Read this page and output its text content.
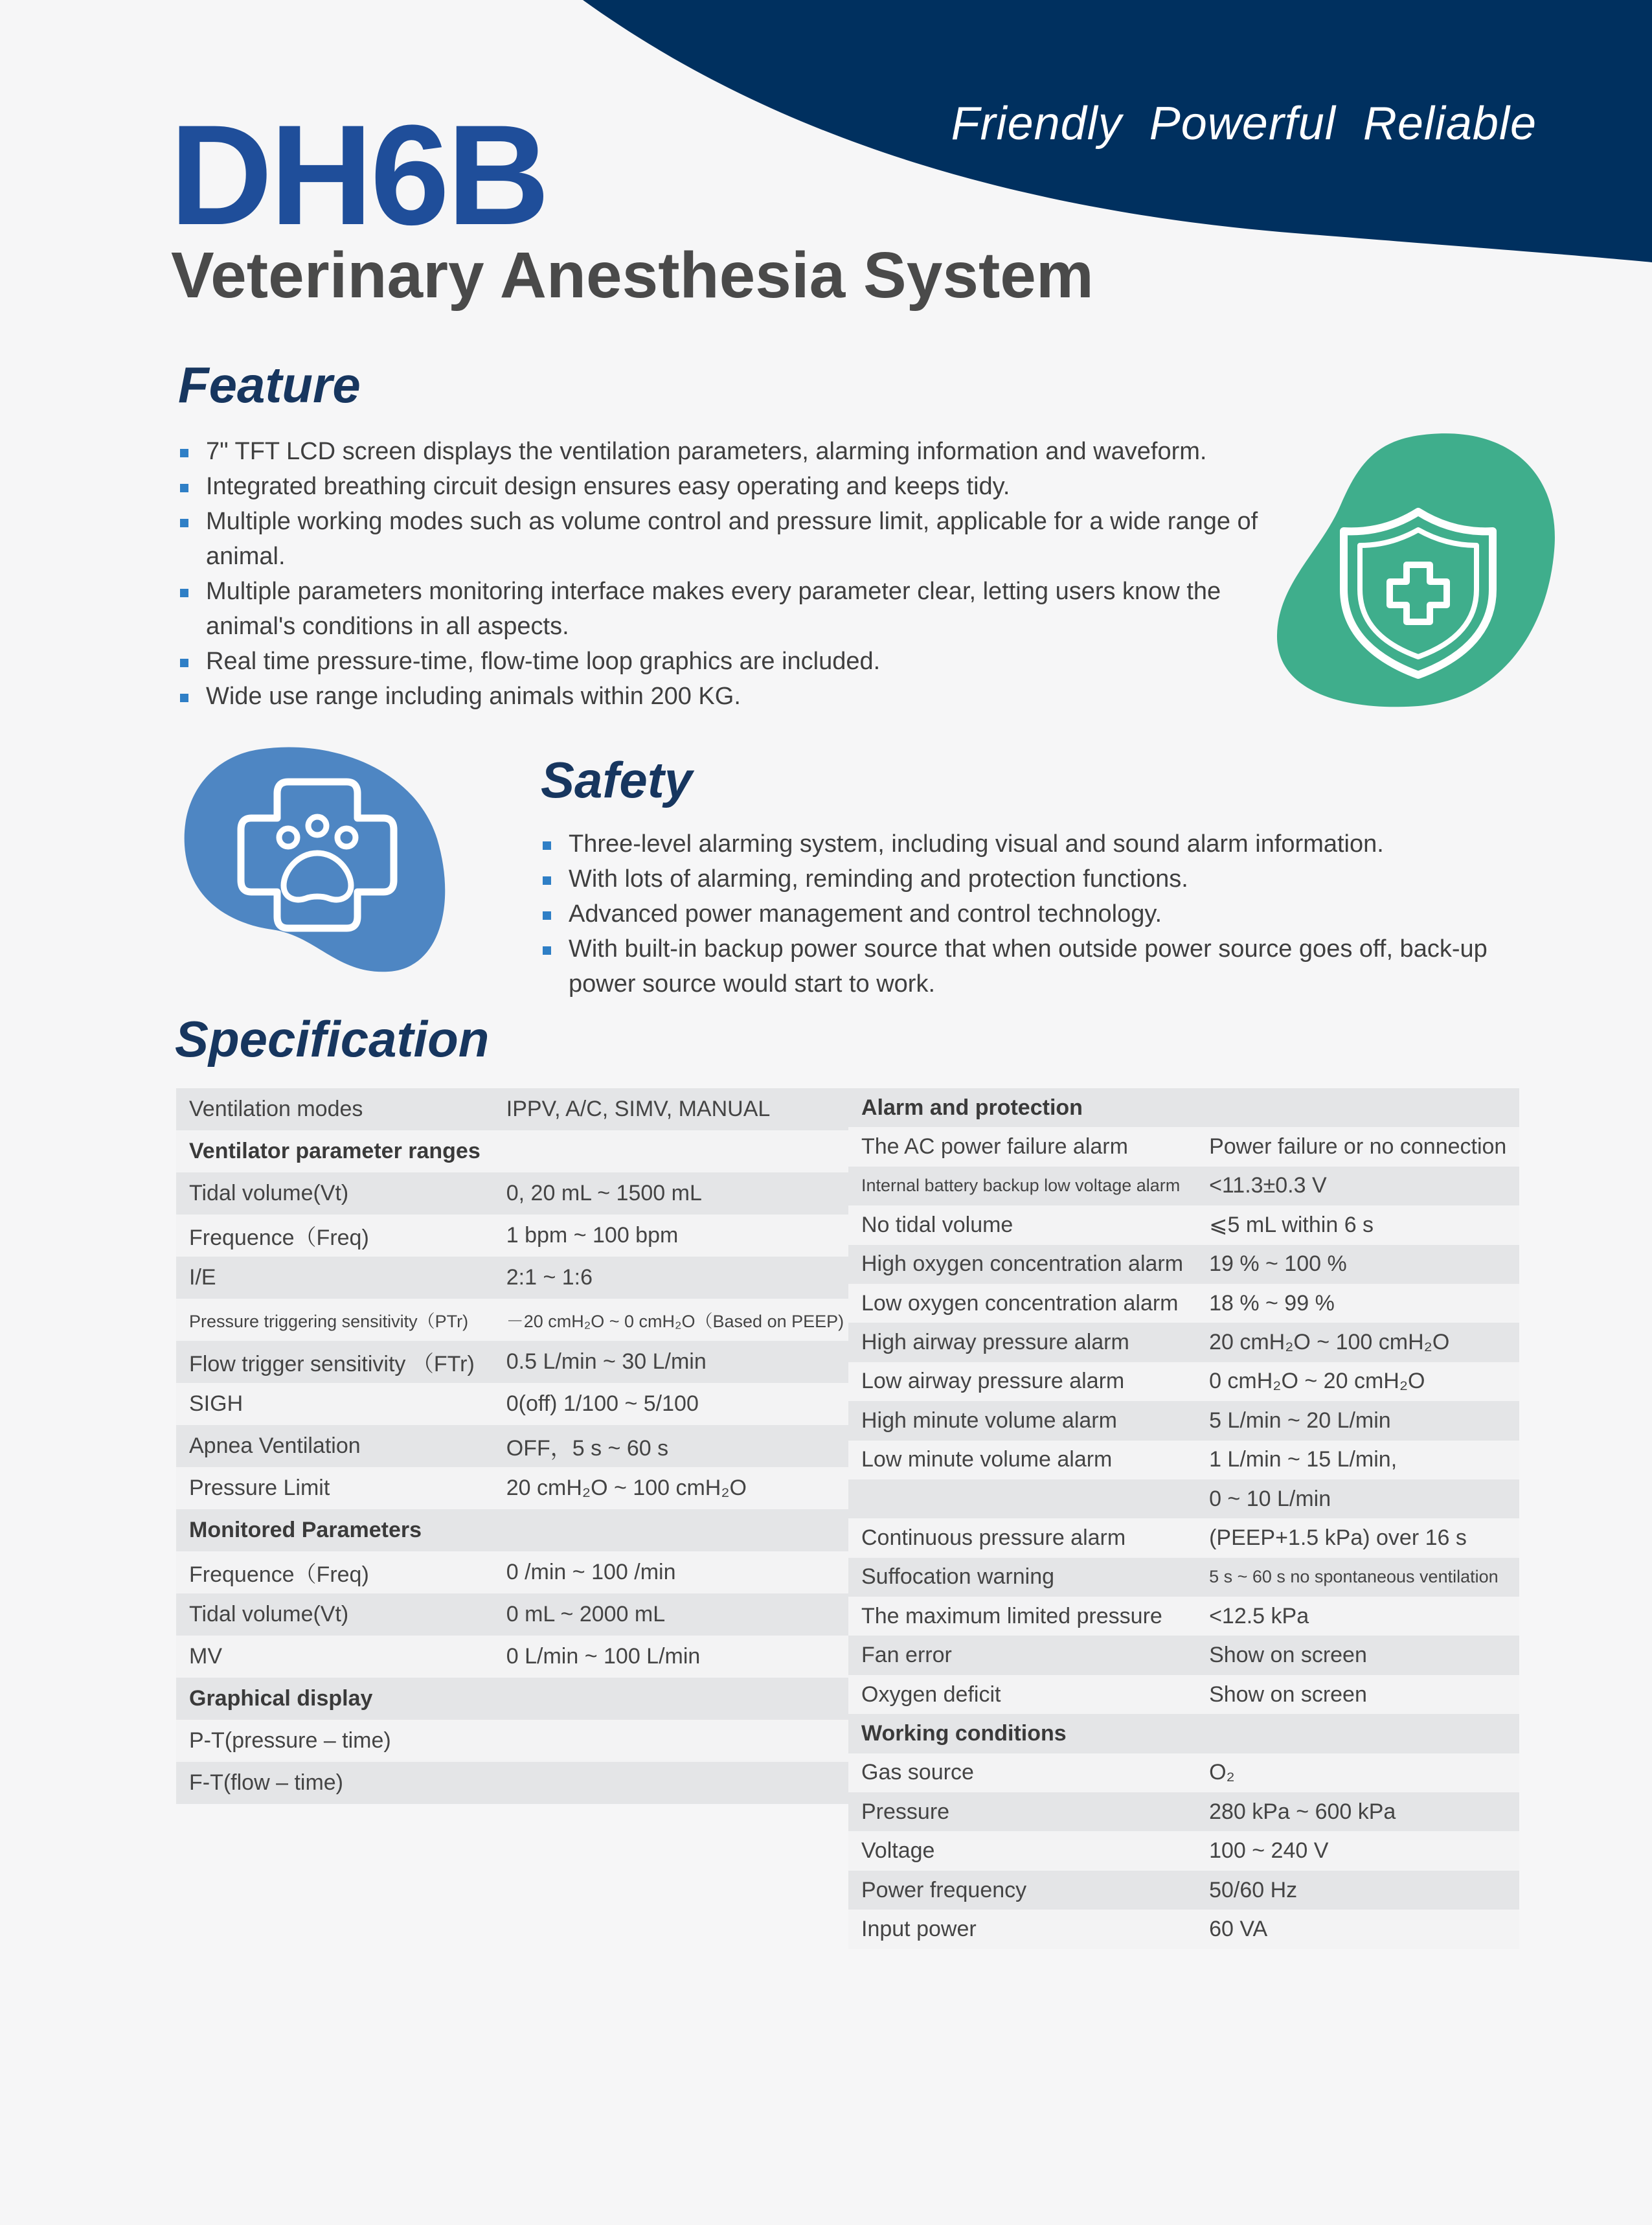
Friendly  Powerful  Reliable
DH6B
Veterinary Anesthesia System
Feature
7" TFT LCD screen displays the ventilation parameters, alarming information and waveform.
Integrated breathing circuit design ensures easy operating and keeps tidy.
Multiple working modes such as volume control and pressure limit, applicable for a wide range of animal.
Multiple parameters monitoring interface makes every parameter clear, letting users know the animal's conditions in all aspects.
Real time pressure-time, flow-time loop graphics are included.
Wide use range including animals within 200 KG.
Safety
Three-level alarming system, including visual and sound alarm information.
With lots of alarming, reminding and protection functions.
Advanced power management and control technology.
With built-in backup power source that when outside power source goes off, back-up power source would start to work.
Specification
Ventilation modes	IPPV, A/C, SIMV, MANUAL
Ventilator parameter ranges	
Tidal volume(Vt)	0, 20 mL ~ 1500 mL
Frequence（Freq)	1 bpm ~ 100 bpm
I/E	2:1 ~ 1:6
Pressure triggering sensitivity（PTr)	－20 cmH₂O ~ 0 cmH₂O（Based on PEEP)
Flow trigger sensitivity （FTr)	0.5 L/min ~ 30 L/min
SIGH	0(off) 1/100 ~ 5/100
Apnea Ventilation	OFF，5 s ~ 60 s
Pressure Limit	20 cmH₂O ~ 100 cmH₂O
Monitored Parameters	
Frequence（Freq)	0 /min ~ 100 /min
Tidal volume(Vt)	0 mL ~ 2000 mL
MV	0 L/min ~ 100 L/min
Graphical display	
P-T(pressure – time)	
F-T(flow – time)	
Alarm and protection	
The AC power failure alarm	Power failure or no connection
Internal battery backup low voltage alarm	<11.3±0.3 V
No tidal volume	⩽5 mL within 6 s
High oxygen concentration alarm	19 % ~ 100 %
Low oxygen concentration alarm	18 % ~ 99 %
High airway pressure alarm	20 cmH₂O ~ 100 cmH₂O
Low airway pressure alarm	0 cmH₂O ~ 20 cmH₂O
High minute volume alarm	5 L/min ~ 20 L/min
Low minute volume alarm	1 L/min ~ 15 L/min,
	0 ~ 10 L/min
Continuous pressure alarm	(PEEP+1.5 kPa) over 16 s
Suffocation warning	5 s ~ 60 s no spontaneous ventilation
The maximum limited pressure	<12.5 kPa
Fan error	Show on screen
Oxygen deficit	Show on screen
Working conditions	
Gas source	O₂
Pressure	280 kPa ~ 600 kPa
Voltage	100 ~ 240 V
Power frequency	50/60 Hz
Input power	60 VA
